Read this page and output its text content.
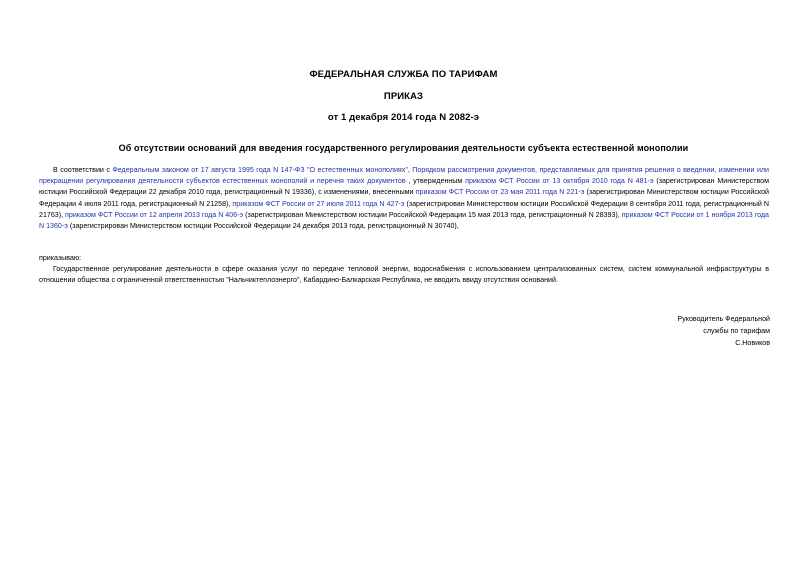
ФЕДЕРАЛЬНАЯ СЛУЖБА ПО ТАРИФАМ
ПРИКАЗ
от 1 декабря 2014 года N 2082-э
Об отсутствии оснований для введения государственного регулирования деятельности субъекта естественной монополии
В соответствии с Федеральным законом от 17 августа 1995 года N 147-ФЗ "О естественных монополиях", Порядком рассмотрения документов, представляемых для принятия решения о введении, изменении или прекращении регулирования деятельности субъектов естественных монополий и перечня таких документов , утвержденным приказом ФСТ России от 13 октября 2010 года N 481-э (зарегистрирован Министерством юстиции Российской Федерации 22 декабря 2010 года, регистрационный N 19336), с изменениями, внесенными приказом ФСТ России от 23 мая 2011 года N 221-э (зарегистрирован Министерством юстиции Российской Федерации 4 июля 2011 года, регистрационный N 21258), приказом ФСТ России от 27 июля 2011 года N 427-э (зарегистрирован Министерством юстиции Российской Федерации 8 сентября 2011 года, регистрационный N 21763), приказом ФСТ России от 12 апреля 2013 года N 406-э (зарегистрирован Министерством юстиции Российской Федерации 15 мая 2013 года, регистрационный N 28393), приказом ФСТ России от 1 ноября 2013 года N 1360-э (зарегистрирован Министерством юстиции Российской Федерации 24 декабря 2013 года, регистрационный N 30740),
приказываю:
Государственное регулирование деятельности в сфере оказания услуг по передаче тепловой энергии, водоснабжения с использованием централизованных систем, систем коммунальной инфраструктуры в отношении общества с ограниченной ответственностью "Нальчиктеплоэнерго", Кабардино-Балкарская Республика, не вводить ввиду отсутствия оснований.
Руководитель Федеральной
службы по тарифам
С.Новиков
